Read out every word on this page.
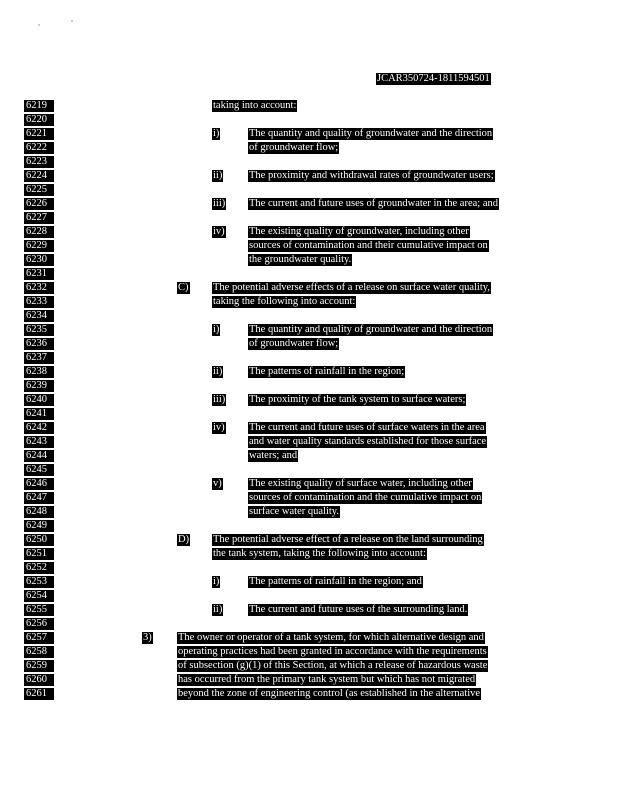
JCAR350724-1811594501
6219
6220
6221
6222
6223
6224
6225
6226
6227
6228
6229
6230
6231
6232
6233
6234
6235
6236
6237
6238
6239
6240
6241
6242
6243
6244
6245
6246
6247
6248
6249
6250
6251
6252
6253
6254
6255
6256
6257
6258
6259
6260
6261
taking into account:
i)	The quantity and quality of groundwater and the direction
of groundwater flow;
ii)	The proximity and withdrawal rates of groundwater users;
iii) The current and future uses of groundwater in the area; and
iv) The existing quality of groundwater, including other
sources of contamination and their cumulative impact on
the groundwater quality.
C) The potential adverse effects of a release on surface water quality,
taking the following into account:
i)	The quantity and quality of groundwater and the direction
of groundwater flow;
ii)	The patterns of rainfall in the region;
iii) The proximity of the tank system to surface waters;
iv) The current and future uses of surface waters in the area
and water quality standards established for those surface
waters; and
v)	The existing quality of surface water, including other
sources of contamination and the cumulative impact on
surface water quality.
D) The potential adverse effect of a release on the land surrounding
the tank system, taking the following into account:
i)	The patterns of rainfall in the region; and
ii)	The current and future uses of the surrounding land.
3)	The owner or operator of a tank system, for which alternative design and
operating practices had been granted in accordance with the requirements
of subsection (g)(1) of this Section, at which a release of hazardous waste
has occurred from the primary tank system but which has not migrated
beyond the zone of engineering control (as established in the alternative
